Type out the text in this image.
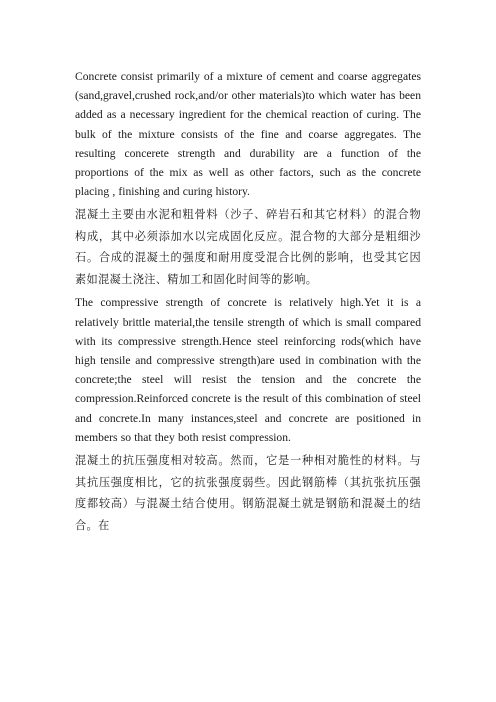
Concrete consist primarily of a mixture of cement and coarse aggregates (sand,gravel,crushed rock,and/or other materials)to which water has been added as a necessary ingredient for the chemical reaction of curing. The bulk of the mixture consists of the fine and coarse aggregates. The resulting concerete strength and durability are a function of the proportions of the mix as well as other factors, such as the concrete placing , finishing and curing history.

混凝土主要由水泥和粗骨料（沙子、碎岩石和其它材料）的混合物构成，其中必须添加水以完成固化反应。混合物的大部分是粗细沙石。合成的混凝土的强度和耐用度受混合比例的影响，也受其它因素如混凝土浇注、精加工和固化时间等的影响。

The compressive strength of concrete is relatively high.Yet it is a relatively brittle material,the tensile strength of which is small compared with its compressive strength.Hence steel reinforcing rods(which have high tensile and compressive strength)are used in combination with the concrete;the steel will resist the tension and the concrete the compression.Reinforced concrete is the result of this combination of steel and concrete.In many instances,steel and concrete are positioned in members so that they both resist compression.

混凝土的抗压强度相对较高。然而，它是一种相对脆性的材料。与其抗压强度相比，它的抗张强度弱些。因此钢筋棒（其抗张抗压强度都较高）与混凝土结合使用。钢筋混凝土就是钢筋和混凝土的结合。在
